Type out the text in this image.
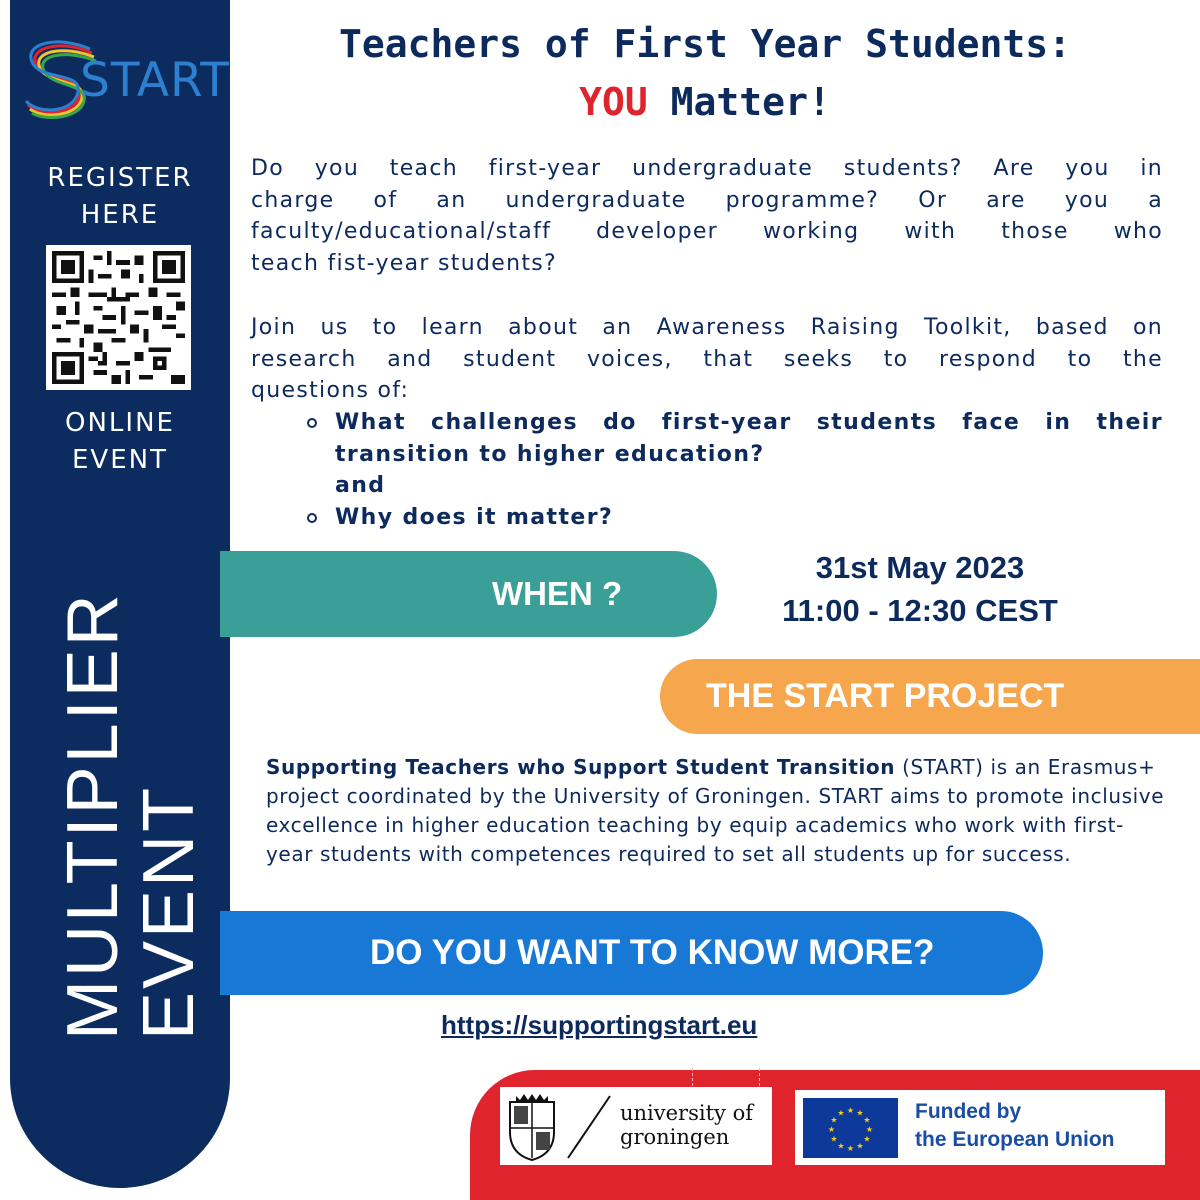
START
REGISTER
HERE
ONLINE
EVENT
MULTIPLIER
EVENT
Teachers of First Year Students:
YOU Matter!
Do you teach first-year undergraduate students? Are you in
charge of an undergraduate programme? Or are you a
faculty/educational/staff developer working with those who
teach fist-year students?
Join us to learn about an Awareness Raising Toolkit, based on
research and student voices, that seeks to respond to the
questions of:
What challenges do first-year students face in their transition to higher education?
and
Why does it matter?
WHEN ?
31st May 2023
11:00 - 12:30 CEST
THE START PROJECT
Supporting Teachers who Support Student Transition (START) is an Erasmus+ project coordinated by the University of Groningen. START aims to promote inclusive excellence in higher education teaching by equip academics who work with first-year students with competences required to set all students up for success.
DO YOU WANT TO KNOW MORE?
https://supportingstart.eu
university of
groningen
★ ★
★
★
★
★
★
★
★
★
★
★	Funded by
the European Union
